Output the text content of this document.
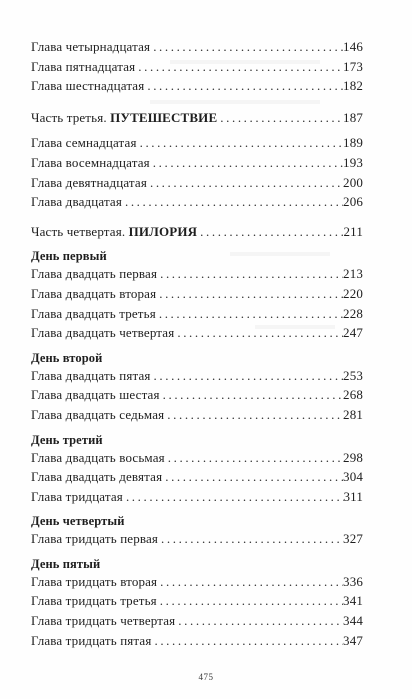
Глава четырнадцатая .....	146
Глава пятнадцатая .....	173
Глава шестнадцатая .....	182
Часть третья. ПУТЕШЕСТВИЕ .....	187
Глава семнадцатая .....	189
Глава восемнадцатая .....	193
Глава девятнадцатая .....	200
Глава двадцатая .....	206
Часть четвертая. ПИЛОРИЯ .....	211
День первый
Глава двадцать первая .....	213
Глава двадцать вторая .....	220
Глава двадцать третья .....	228
Глава двадцать четвертая .....	247
День второй
Глава двадцать пятая .....	253
Глава двадцать шестая .....	268
Глава двадцать седьмая .....	281
День третий
Глава двадцать восьмая .....	298
Глава двадцать девятая .....	304
Глава тридцатая .....	311
День четвертый
Глава тридцать первая .....	327
День пятый
Глава тридцать вторая .....	336
Глава тридцать третья .....	341
Глава тридцать четвертая .....	344
Глава тридцать пятая .....	347
475
